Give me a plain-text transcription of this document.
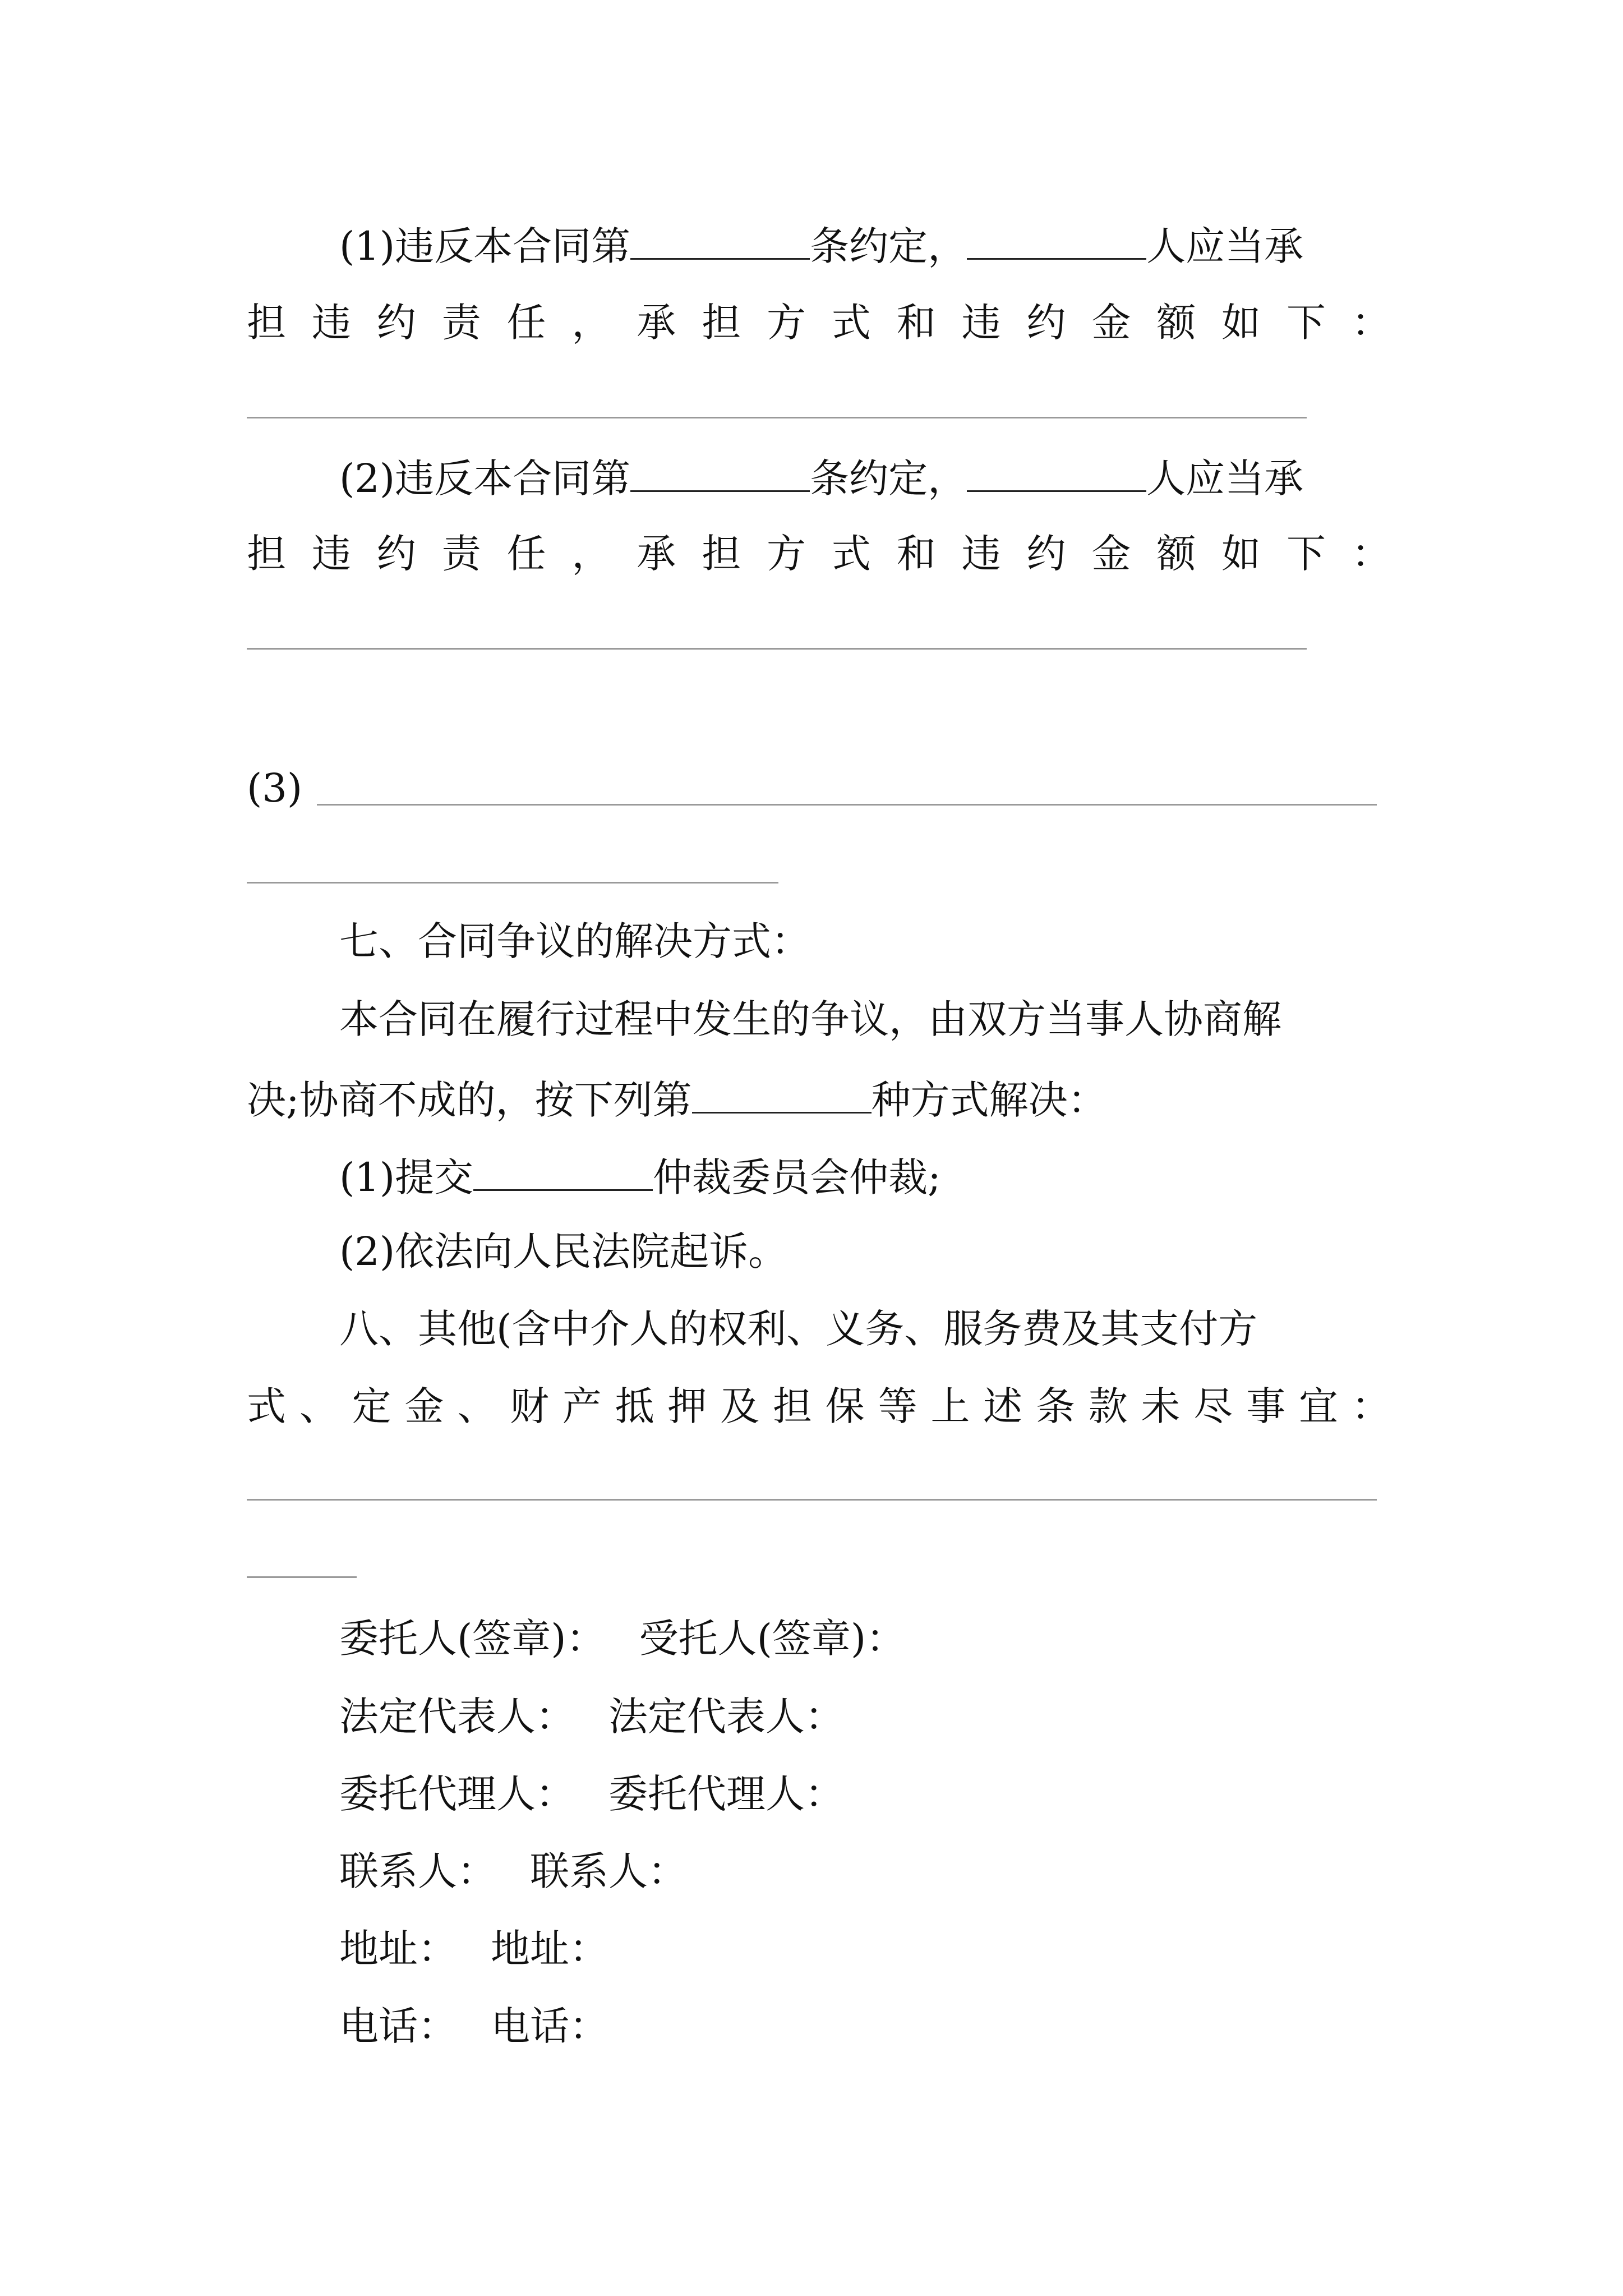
(1)违反本合同第	条约定，	人应当承
担 违 约 责 任 ， 承 担 方 式 和 违 约 金 额 如 下 ：
(2)违反本合同第	条约定，	人应当承
担 违 约 责 任 ， 承 担 方 式 和 违 约 金 额 如 下 ：
(3)
七、合同争议的解决方式：
本合同在履行过程中发生的争议，由双方当事人协商解
决;协商不成的，按下列第	种方式解决：
(1)提交	仲裁委员会仲裁;
(2)依法向人民法院起诉。
八、其他(含中介人的权利、义务、服务费及其支付方
式 、 定 金 、 财 产 抵 押 及 担 保 等 上 述 条 款 未 尽 事 宜 ：
委托人(签章)： 受托人(签章)：
法定代表人： 法定代表人：
委托代理人： 委托代理人：
联系人： 联系人：
地址： 地址：
电话： 电话：
